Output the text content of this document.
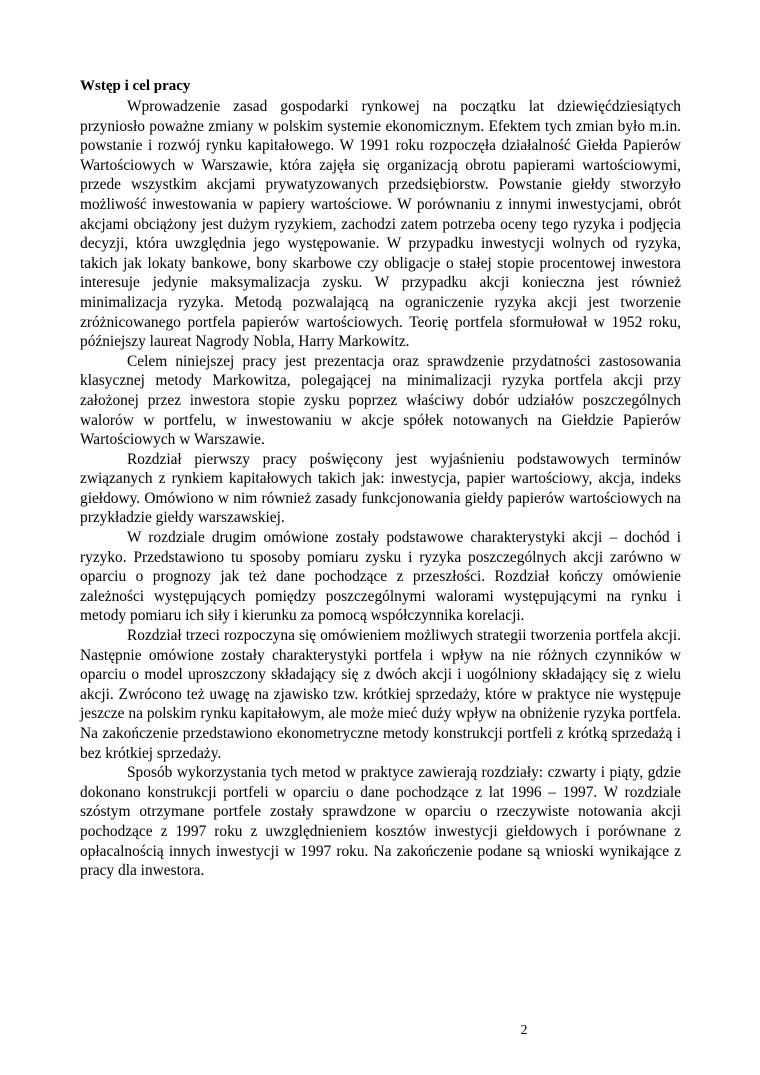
Wstęp i cel pracy

Wprowadzenie zasad gospodarki rynkowej na początku lat dziewięćdziesiątych przyniosło poważne zmiany w polskim systemie ekonomicznym. Efektem tych zmian było m.in. powstanie i rozwój rynku kapitałowego. W 1991 roku rozpoczęła działalność Giełda Papierów Wartościowych w Warszawie, która zajęła się organizacją obrotu papierami wartościowymi, przede wszystkim akcjami prywatyzowanych przedsiębiorstw. Powstanie giełdy stworzyło możliwość inwestowania w papiery wartościowe. W porównaniu z innymi inwestycjami, obrót akcjami obciążony jest dużym ryzykiem, zachodzi zatem potrzeba oceny tego ryzyka i podjęcia decyzji, która uwzględnia jego występowanie. W przypadku inwestycji wolnych od ryzyka, takich jak lokaty bankowe, bony skarbowe czy obligacje o stałej stopie procentowej inwestora interesuje jedynie maksymalizacja zysku. W przypadku akcji konieczna jest również minimalizacja ryzyka. Metodą pozwalającą na ograniczenie ryzyka akcji jest tworzenie zróżnicowanego portfela papierów wartościowych. Teorię portfela sformułował w 1952 roku, późniejszy laureat Nagrody Nobla, Harry Markowitz.

Celem niniejszej pracy jest prezentacja oraz sprawdzenie przydatności zastosowania klasycznej metody Markowitza, polegającej na minimalizacji ryzyka portfela akcji przy założonej przez inwestora stopie zysku poprzez właściwy dobór udziałów poszczególnych walorów w portfelu, w inwestowaniu w akcje spółek notowanych na Giełdzie Papierów Wartościowych w Warszawie.

Rozdział pierwszy pracy poświęcony jest wyjaśnieniu podstawowych terminów związanych z rynkiem kapitałowych takich jak: inwestycja, papier wartościowy, akcja, indeks giełdowy. Omówiono w nim również zasady funkcjonowania giełdy papierów wartościowych na przykładzie giełdy warszawskiej.

W rozdziale drugim omówione zostały podstawowe charakterystyki akcji – dochód i ryzyko. Przedstawiono tu sposoby pomiaru zysku i ryzyka poszczególnych akcji zarówno w oparciu o prognozy jak też dane pochodzące z przeszłości. Rozdział kończy omówienie zależności występujących pomiędzy poszczególnymi walorami występującymi na rynku i metody pomiaru ich siły i kierunku za pomocą współczynnika korelacji.

Rozdział trzeci rozpoczyna się omówieniem możliwych strategii tworzenia portfela akcji. Następnie omówione zostały charakterystyki portfela i wpływ na nie różnych czynników w oparciu o model uproszczony składający się z dwóch akcji i uogólniony składający się z wielu akcji. Zwrócono też uwagę na zjawisko tzw. krótkiej sprzedaży, które w praktyce nie występuje jeszcze na polskim rynku kapitałowym, ale może mieć duży wpływ na obniżenie ryzyka portfela. Na zakończenie przedstawiono ekonometryczne metody konstrukcji portfeli z krótką sprzedażą i bez krótkiej sprzedaży.

Sposób wykorzystania tych metod w praktyce zawierają rozdziały: czwarty i piąty, gdzie dokonano konstrukcji portfeli w oparciu o dane pochodzące z lat 1996 – 1997. W rozdziale szóstym otrzymane portfele zostały sprawdzone w oparciu o rzeczywiste notowania akcji pochodzące z 1997 roku z uwzględnieniem kosztów inwestycji giełdowych i porównane z opłacalnością innych inwestycji w 1997 roku. Na zakończenie podane są wnioski wynikające z pracy dla inwestora.

2
